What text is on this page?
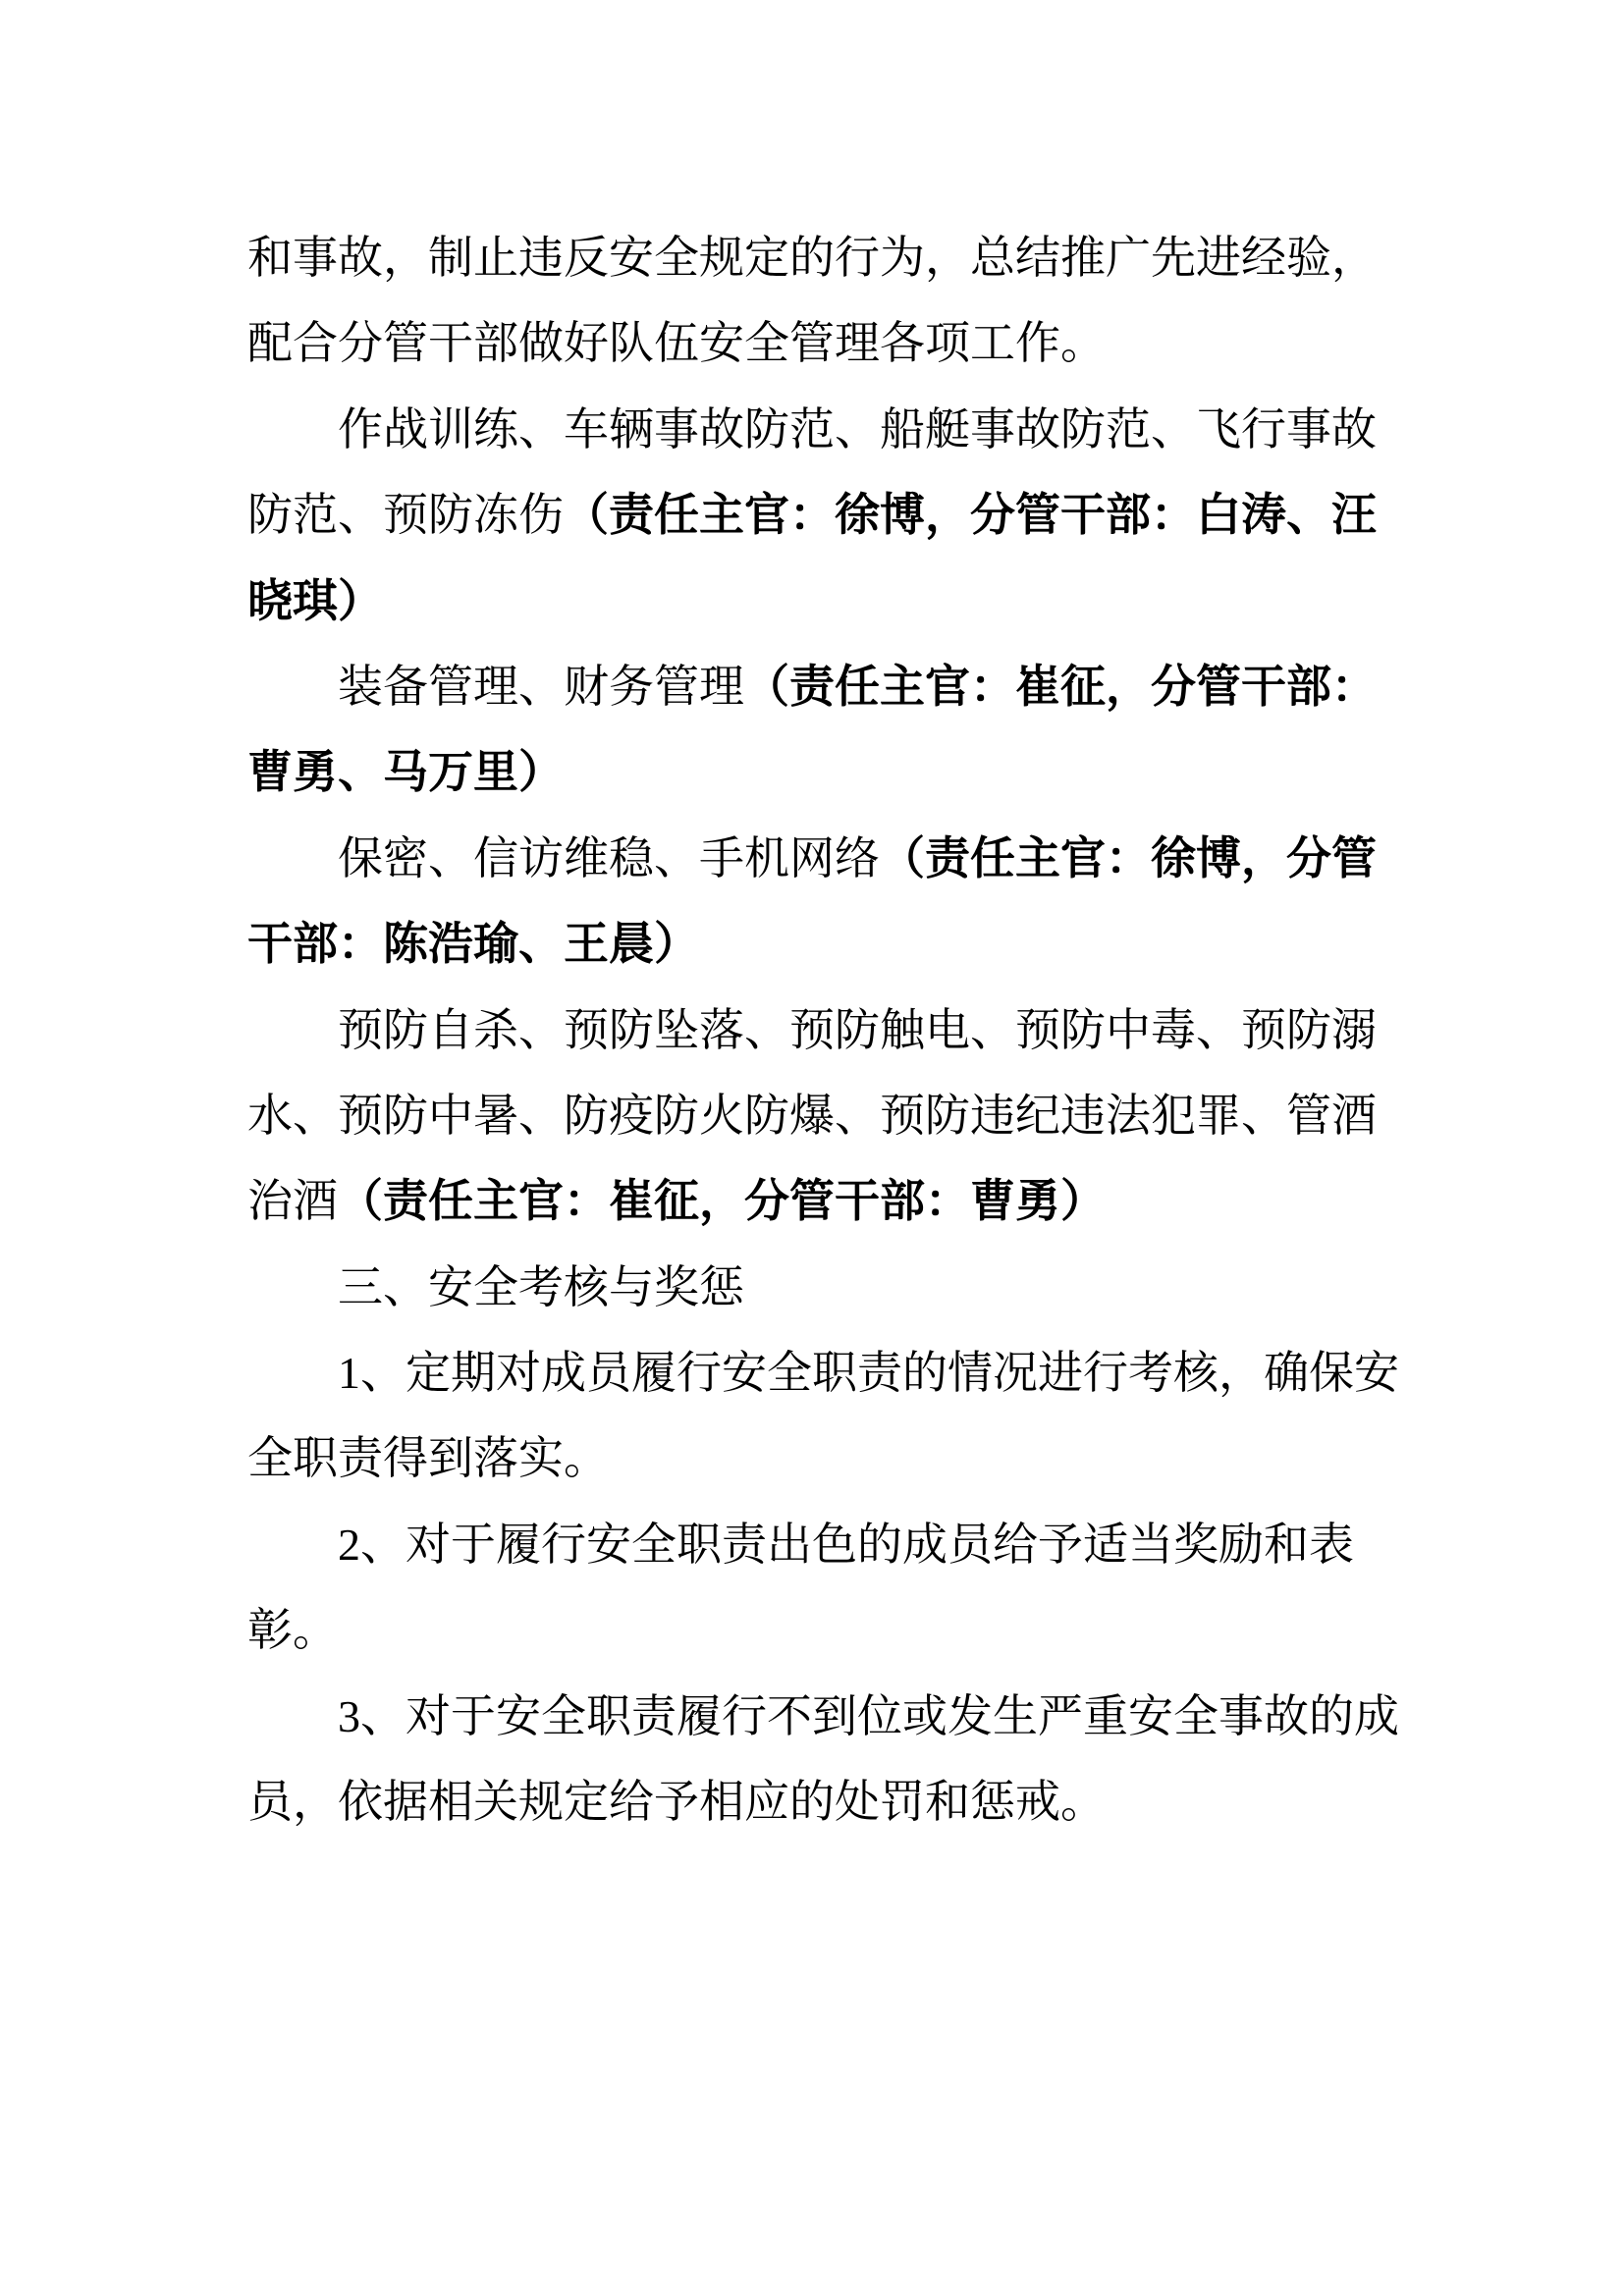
和事故，制止违反安全规定的行为，总结推广先进经验，
配合分管干部做好队伍安全管理各项工作。
作战训练、车辆事故防范、船艇事故防范、飞行事故
防范、预防冻伤（责任主官：徐博，分管干部：白涛、汪
晓琪）
装备管理、财务管理（责任主官：崔征，分管干部：
曹勇、马万里）
保密、信访维稳、手机网络（责任主官：徐博，分管
干部：陈浩瑜、王晨）
预防自杀、预防坠落、预防触电、预防中毒、预防溺
水、预防中暑、防疫防火防爆、预防违纪违法犯罪、管酒
治酒（责任主官：崔征，分管干部：曹勇）
三、安全考核与奖惩
1、定期对成员履行安全职责的情况进行考核，确保安
全职责得到落实。
2、对于履行安全职责出色的成员给予适当奖励和表
彰。
3、对于安全职责履行不到位或发生严重安全事故的成
员，依据相关规定给予相应的处罚和惩戒。
